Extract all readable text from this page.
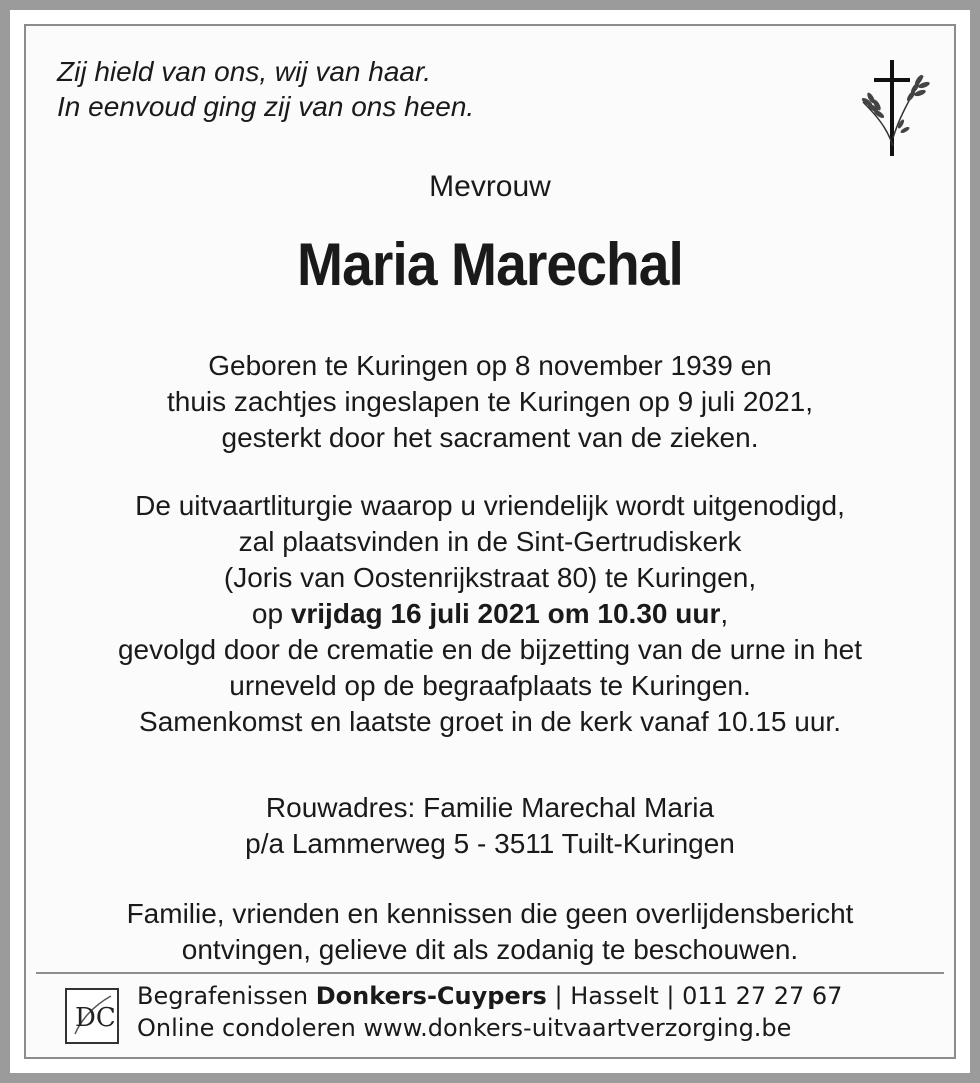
Zij hield van ons, wij van haar.
In eenvoud ging zij van ons heen.
Mevrouw
Maria Marechal
Geboren te Kuringen op 8 november 1939 en
thuis zachtjes ingeslapen te Kuringen op 9 juli 2021,
gesterkt door het sacrament van de zieken.
De uitvaartliturgie waarop u vriendelijk wordt uitgenodigd,
zal plaatsvinden in de Sint-Gertrudiskerk
(Joris van Oostenrijkstraat 80) te Kuringen,
op vrijdag 16 juli 2021 om 10.30 uur,
gevolgd door de crematie en de bijzetting van de urne in het
urneveld op de begraafplaats te Kuringen.
Samenkomst en laatste groet in de kerk vanaf 10.15 uur.
Rouwadres: Familie Marechal Maria
p/a Lammerweg 5 - 3511 Tuilt-Kuringen
Familie, vrienden en kennissen die geen overlijdensbericht
ontvingen, gelieve dit als zodanig te beschouwen.
DC
Begrafenissen Donkers-Cuypers | Hasselt | 011 27 27 67
Online condoleren www.donkers-uitvaartverzorging.be
